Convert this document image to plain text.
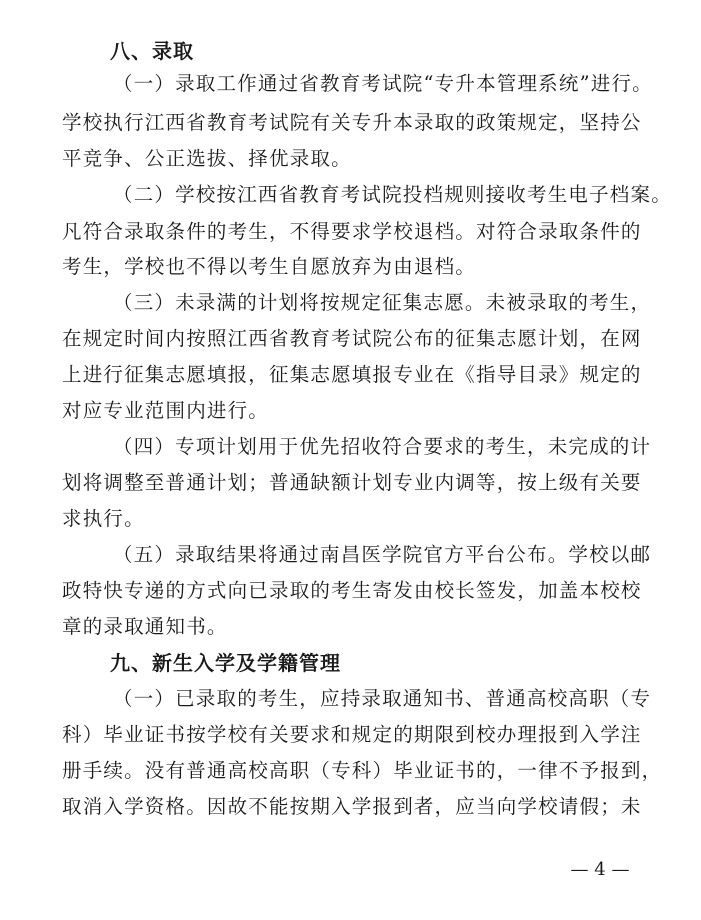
八、录取
（一）录取工作通过省教育考试院“专升本管理系统”进行。
学校执行江西省教育考试院有关专升本录取的政策规定，坚持公
平竞争、公正选拔、择优录取。
（二）学校按江西省教育考试院投档规则接收考生电子档案。
凡符合录取条件的考生，不得要求学校退档。对符合录取条件的
考生，学校也不得以考生自愿放弃为由退档。
（三）未录满的计划将按规定征集志愿。未被录取的考生，
在规定时间内按照江西省教育考试院公布的征集志愿计划，在网
上进行征集志愿填报，征集志愿填报专业在《指导目录》规定的
对应专业范围内进行。
（四）专项计划用于优先招收符合要求的考生，未完成的计
划将调整至普通计划；普通缺额计划专业内调等，按上级有关要
求执行。
（五）录取结果将通过南昌医学院官方平台公布。学校以邮
政特快专递的方式向已录取的考生寄发由校长签发，加盖本校校
章的录取通知书。
九、新生入学及学籍管理
（一）已录取的考生，应持录取通知书、普通高校高职（专
科）毕业证书按学校有关要求和规定的期限到校办理报到入学注
册手续。没有普通高校高职（专科）毕业证书的，一律不予报到，
取消入学资格。因故不能按期入学报到者，应当向学校请假；未
— 4 —
